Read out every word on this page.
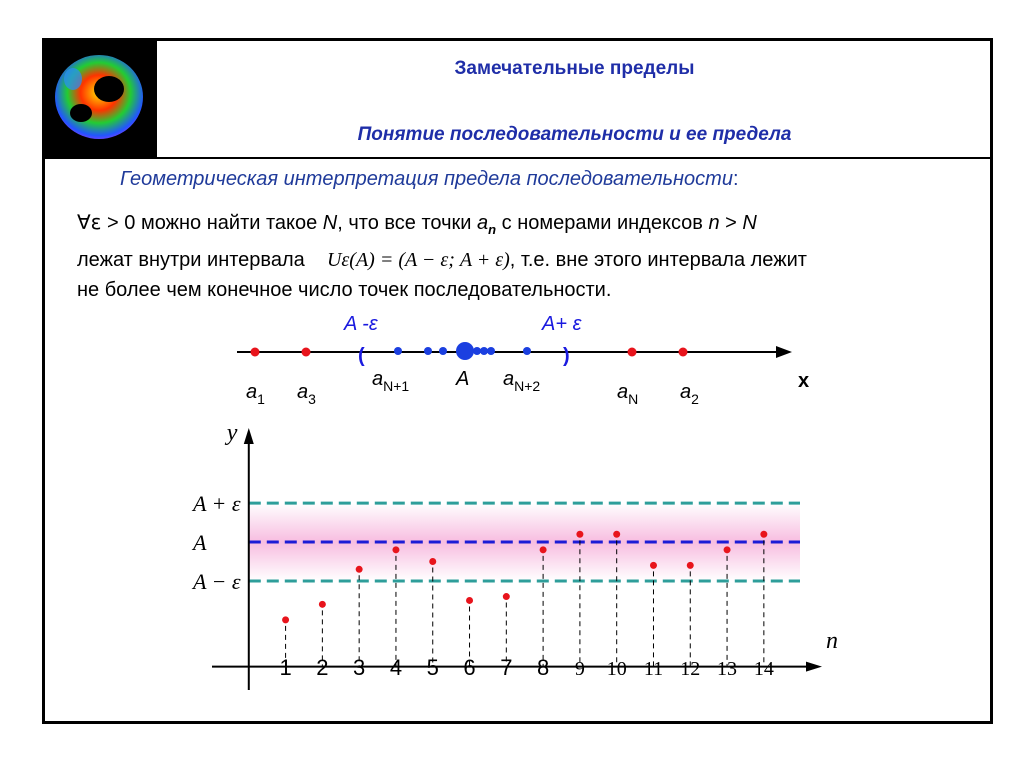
Замечательные пределы
Понятие последовательности и ее предела
Геометрическая интерпретация предела последовательности:
∀ε > 0 можно найти такое N, что все точки $a_n$ с номерами индексов n > N
лежат внутри интервала Uε(A) = (A − ε; A + ε), т.е. вне этого интервала лежит
не более чем конечное число точек последовательности.
x
A -ε	A+ ε
(	)
A
$a_1$ $a_3$
$a_{N+1}$	$a_{N+2}$	$a_N$ $a_2$
1 2 3 4 5 6 7 8 9 10 11 12 13 14
A + ε
A
A − ε
y
n
